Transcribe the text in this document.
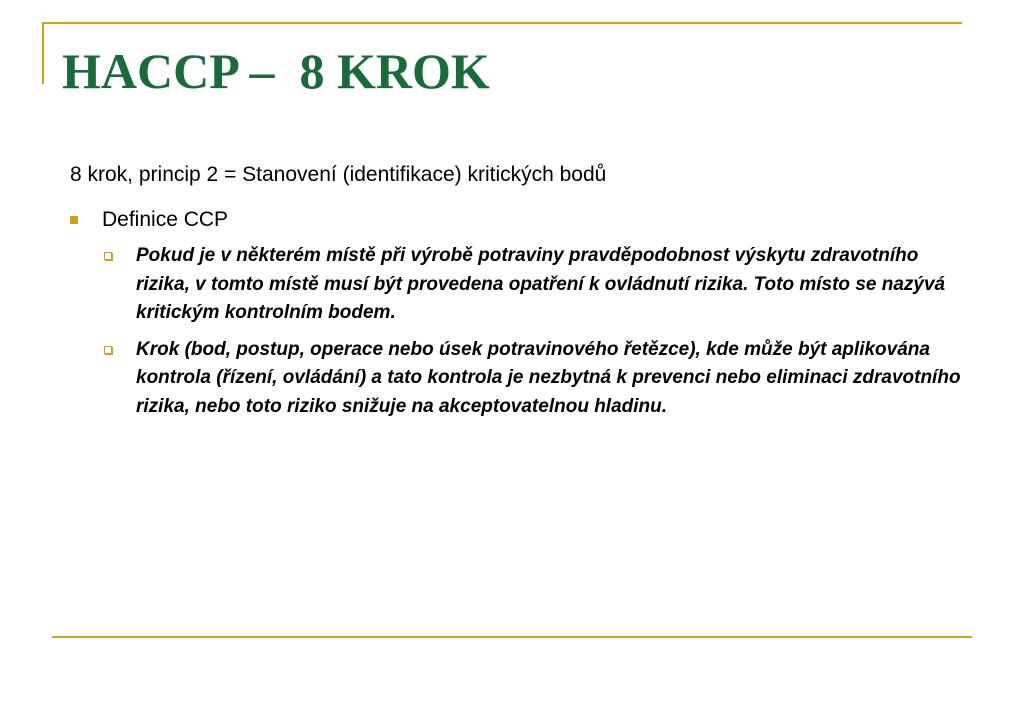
HACCP –  8 KROK

8 krok, princip 2 = Stanovení (identifikace) kritických bodů

Definice CCP
Pokud je v některém místě při výrobě potraviny pravděpodobnost výskytu zdravotního rizika, v tomto místě musí být provedena opatření k ovládnutí rizika. Toto místo se nazývá kritickým kontrolním bodem.
Krok (bod, postup, operace nebo úsek potravinového řetězce), kde může být aplikována kontrola (řízení, ovládání) a tato kontrola je nezbytná k prevenci nebo eliminaci zdravotního rizika, nebo toto riziko snižuje na akceptovatelnou hladinu.
